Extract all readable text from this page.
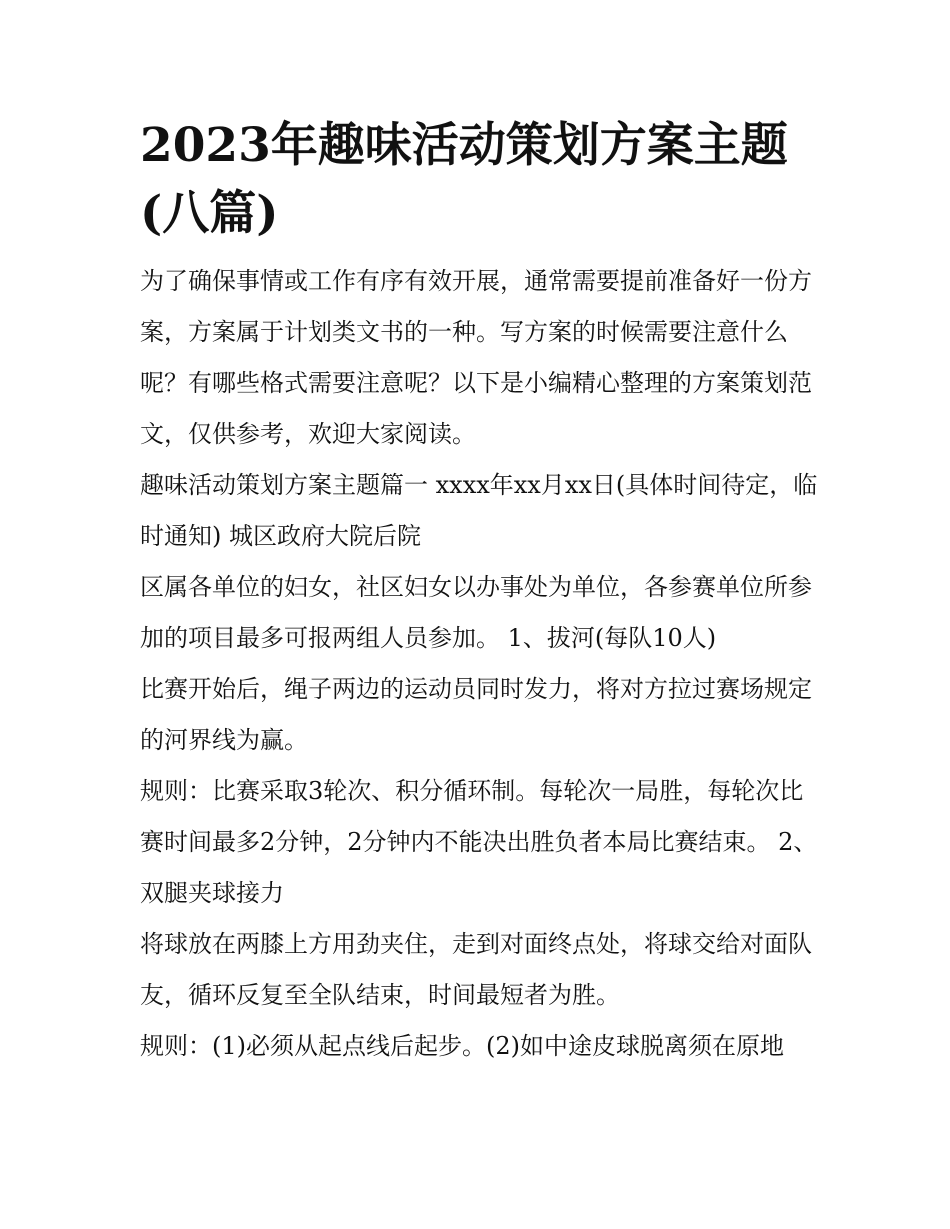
2023年趣味活动策划方案主题(八篇)

为了确保事情或工作有序有效开展，通常需要提前准备好一份方案，方案属于计划类文书的一种。写方案的时候需要注意什么呢？有哪些格式需要注意呢？以下是小编精心整理的方案策划范文，仅供参考，欢迎大家阅读。

趣味活动策划方案主题篇一 xxxx年xx月xx日(具体时间待定，临时通知) 城区政府大院后院

区属各单位的妇女，社区妇女以办事处为单位，各参赛单位所参加的项目最多可报两组人员参加。 1、拔河(每队10人)

比赛开始后，绳子两边的运动员同时发力，将对方拉过赛场规定的河界线为赢。

规则：比赛采取3轮次、积分循环制。每轮次一局胜，每轮次比赛时间最多2分钟，2分钟内不能决出胜负者本局比赛结束。 2、双腿夹球接力

将球放在两膝上方用劲夹住，走到对面终点处，将球交给对面队友，循环反复至全队结束，时间最短者为胜。

规则：(1)必须从起点线后起步。(2)如中途皮球脱离须在原地
